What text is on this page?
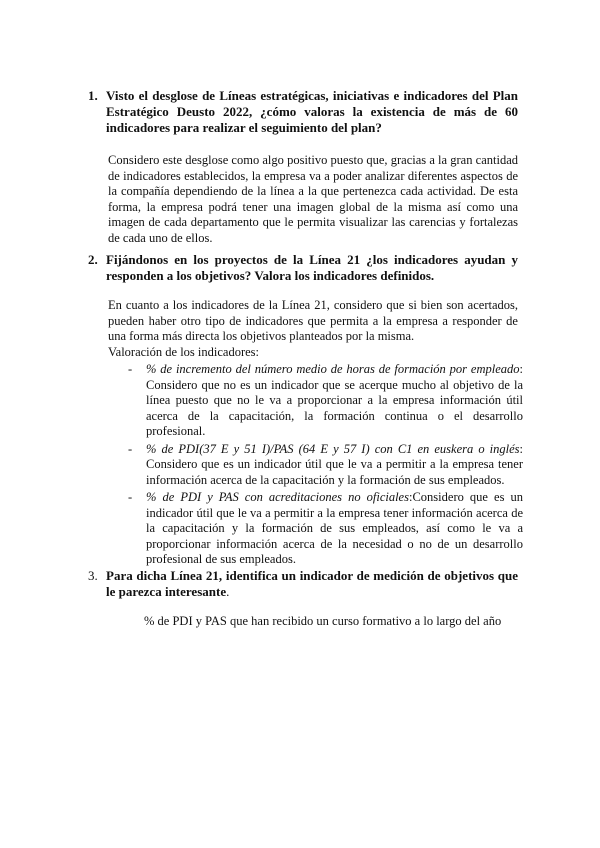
1. Visto el desglose de Líneas estratégicas, iniciativas e indicadores del Plan Estratégico Deusto 2022, ¿cómo valoras la existencia de más de 60 indicadores para realizar el seguimiento del plan?
Considero este desglose como algo positivo puesto que, gracias a la gran cantidad de indicadores establecidos, la empresa va a poder analizar diferentes aspectos de la compañía dependiendo de la línea a la que pertenezca cada actividad. De esta forma, la empresa podrá tener una imagen global de la misma así como una imagen de cada departamento que le permita visualizar las carencias y fortalezas de cada uno de ellos.
2. Fijándonos en los proyectos de la Línea 21 ¿los indicadores ayudan y responden a los objetivos? Valora los indicadores definidos.
En cuanto a los indicadores de la Línea 21, considero que si bien son acertados, pueden haber otro tipo de indicadores que permita a la empresa a responder de una forma más directa los objetivos planteados por la misma.
Valoración de los indicadores:
- % de incremento del número medio de horas de formación por empleado: Considero que no es un indicador que se acerque mucho al objetivo de la línea puesto que no le va a proporcionar a la empresa información útil acerca de la capacitación, la formación continua o el desarrollo profesional.
- % de PDI(37 E y 51 I)/PAS (64 E y 57 I) con C1 en euskera o inglés: Considero que es un indicador útil que le va a permitir a la empresa tener información acerca de la capacitación y la formación de sus empleados.
- % de PDI y PAS con acreditaciones no oficiales:Considero que es un indicador útil que le va a permitir a la empresa tener información acerca de la capacitación y la formación de sus empleados, así como le va a proporcionar información acerca de la necesidad o no de un desarrollo profesional de sus empleados.
3. Para dicha Línea 21, identifica un indicador de medición de objetivos que le parezca interesante.
% de PDI y PAS que han recibido un curso formativo a lo largo del año
